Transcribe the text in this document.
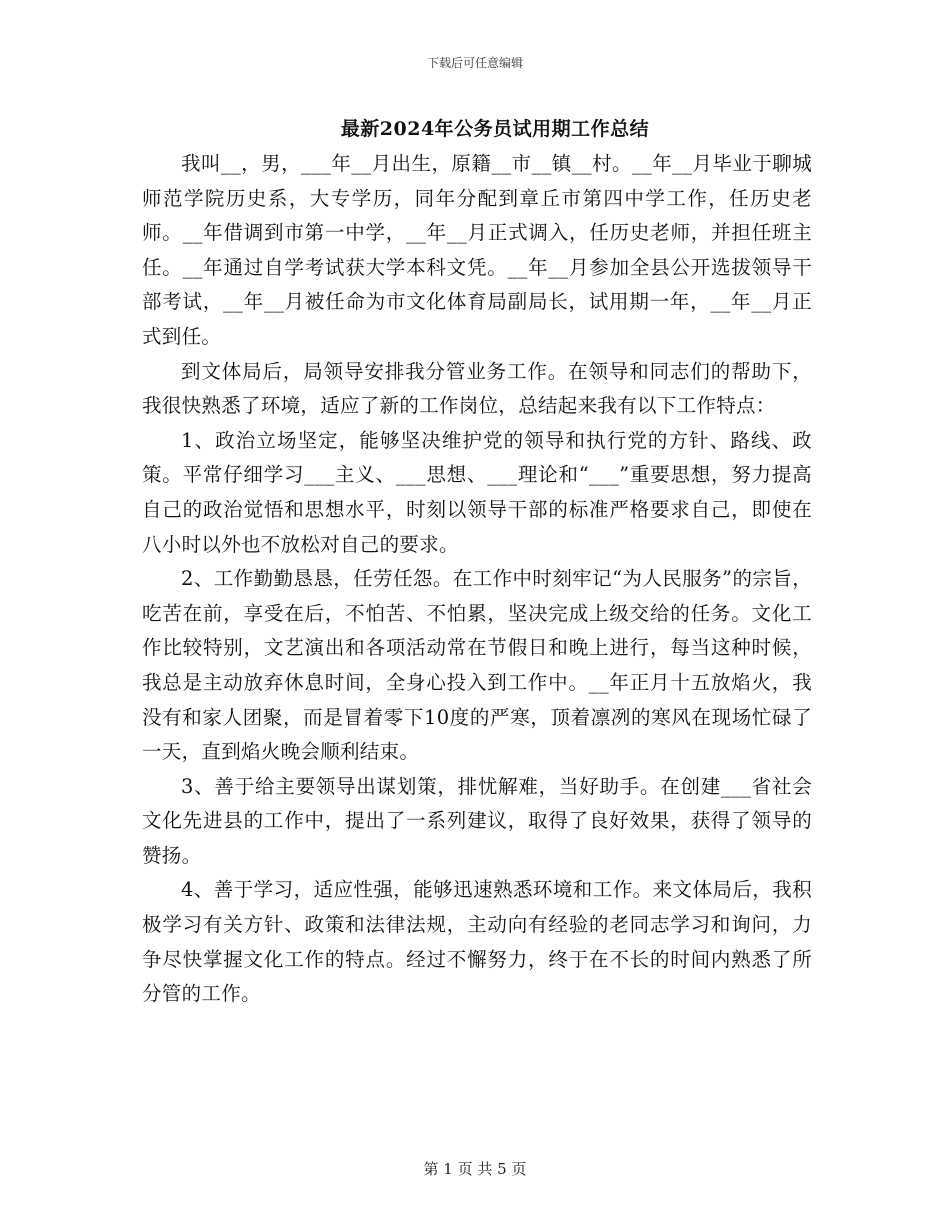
下载后可任意编辑
最新2024年公务员试用期工作总结

我叫__，男，___年__月出生，原籍__市__镇__村。__年__月毕业于聊城师范学院历史系，大专学历，同年分配到章丘市第四中学工作，任历史老师。__年借调到市第一中学，__年__月正式调入，任历史老师，并担任班主任。__年通过自学考试获大学本科文凭。__年__月参加全县公开选拔领导干部考试，__年__月被任命为市文化体育局副局长，试用期一年，__年__月正式到任。

到文体局后，局领导安排我分管业务工作。在领导和同志们的帮助下，我很快熟悉了环境，适应了新的工作岗位，总结起来我有以下工作特点：

1、政治立场坚定，能够坚决维护党的领导和执行党的方针、路线、政策。平常仔细学习___主义、___思想、___理论和“___”重要思想，努力提高自己的政治觉悟和思想水平，时刻以领导干部的标准严格要求自己，即使在八小时以外也不放松对自己的要求。

2、工作勤勤恳恳，任劳任怨。在工作中时刻牢记“为人民服务”的宗旨，吃苦在前，享受在后，不怕苦、不怕累，坚决完成上级交给的任务。文化工作比较特别，文艺演出和各项活动常在节假日和晚上进行，每当这种时候，我总是主动放弃休息时间，全身心投入到工作中。__年正月十五放焰火，我没有和家人团聚，而是冒着零下10度的严寒，顶着凛冽的寒风在现场忙碌了一天，直到焰火晚会顺利结束。

3、善于给主要领导出谋划策，排忧解难，当好助手。在创建___省社会文化先进县的工作中，提出了一系列建议，取得了良好效果，获得了领导的赞扬。

4、善于学习，适应性强，能够迅速熟悉环境和工作。来文体局后，我积极学习有关方针、政策和法律法规，主动向有经验的老同志学习和询问，力争尽快掌握文化工作的特点。经过不懈努力，终于在不长的时间内熟悉了所分管的工作。

第 1 页 共 5 页
